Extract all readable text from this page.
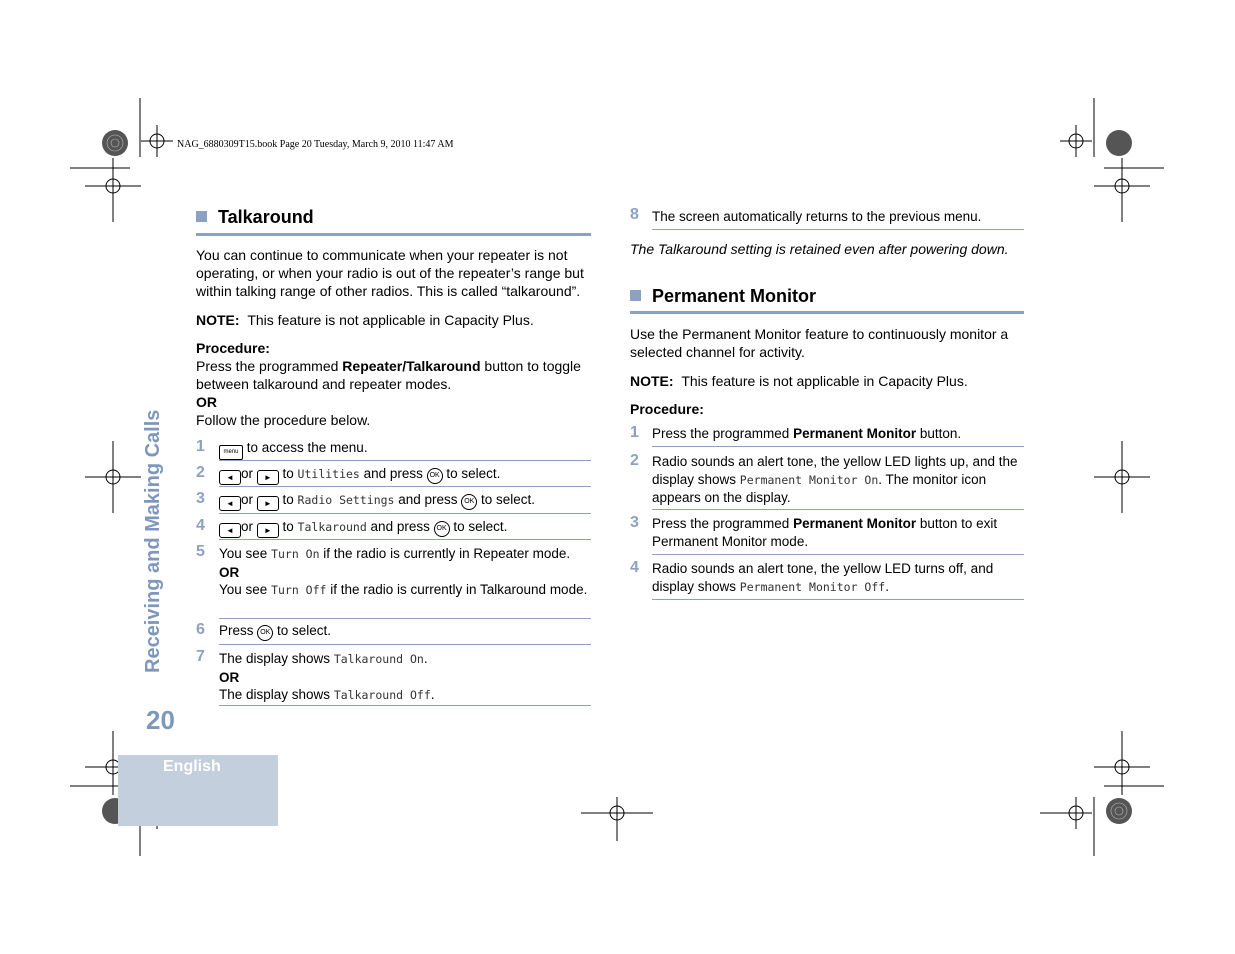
NAG_6880309T15.book Page 20 Tuesday, March 9, 2010 11:47 AM
Receiving and Making Calls
20
English
Talkaround
You can continue to communicate when your repeater is not operating, or when your radio is out of the repeater’s range but within talking range of other radios. This is called “talkaround”.
NOTE: This feature is not applicable in Capacity Plus.
Procedure:
Press the programmed Repeater/Talkaround button to toggle between talkaround and repeater modes.
OR
Follow the procedure below.
1	menu to access the menu.
2	◄ or ► to Utilities and press OK to select.
3	◄ or ► to Radio Settings and press OK to select.
4	◄ or ► to Talkaround and press OK to select.
5 You see Turn On if the radio is currently in Repeater mode.
OR
You see Turn Off if the radio is currently in Talkaround mode.
6 Press OK to select.
7 The display shows Talkaround On.
OR
The display shows Talkaround Off.
8 The screen automatically returns to the previous menu.
The Talkaround setting is retained even after powering down.
Permanent Monitor
Use the Permanent Monitor feature to continuously monitor a selected channel for activity.
NOTE: This feature is not applicable in Capacity Plus.
Procedure:
1 Press the programmed Permanent Monitor button.
2 Radio sounds an alert tone, the yellow LED lights up, and the display shows Permanent Monitor On. The monitor icon appears on the display.
3 Press the programmed Permanent Monitor button to exit Permanent Monitor mode.
4 Radio sounds an alert tone, the yellow LED turns off, and display shows Permanent Monitor Off.
